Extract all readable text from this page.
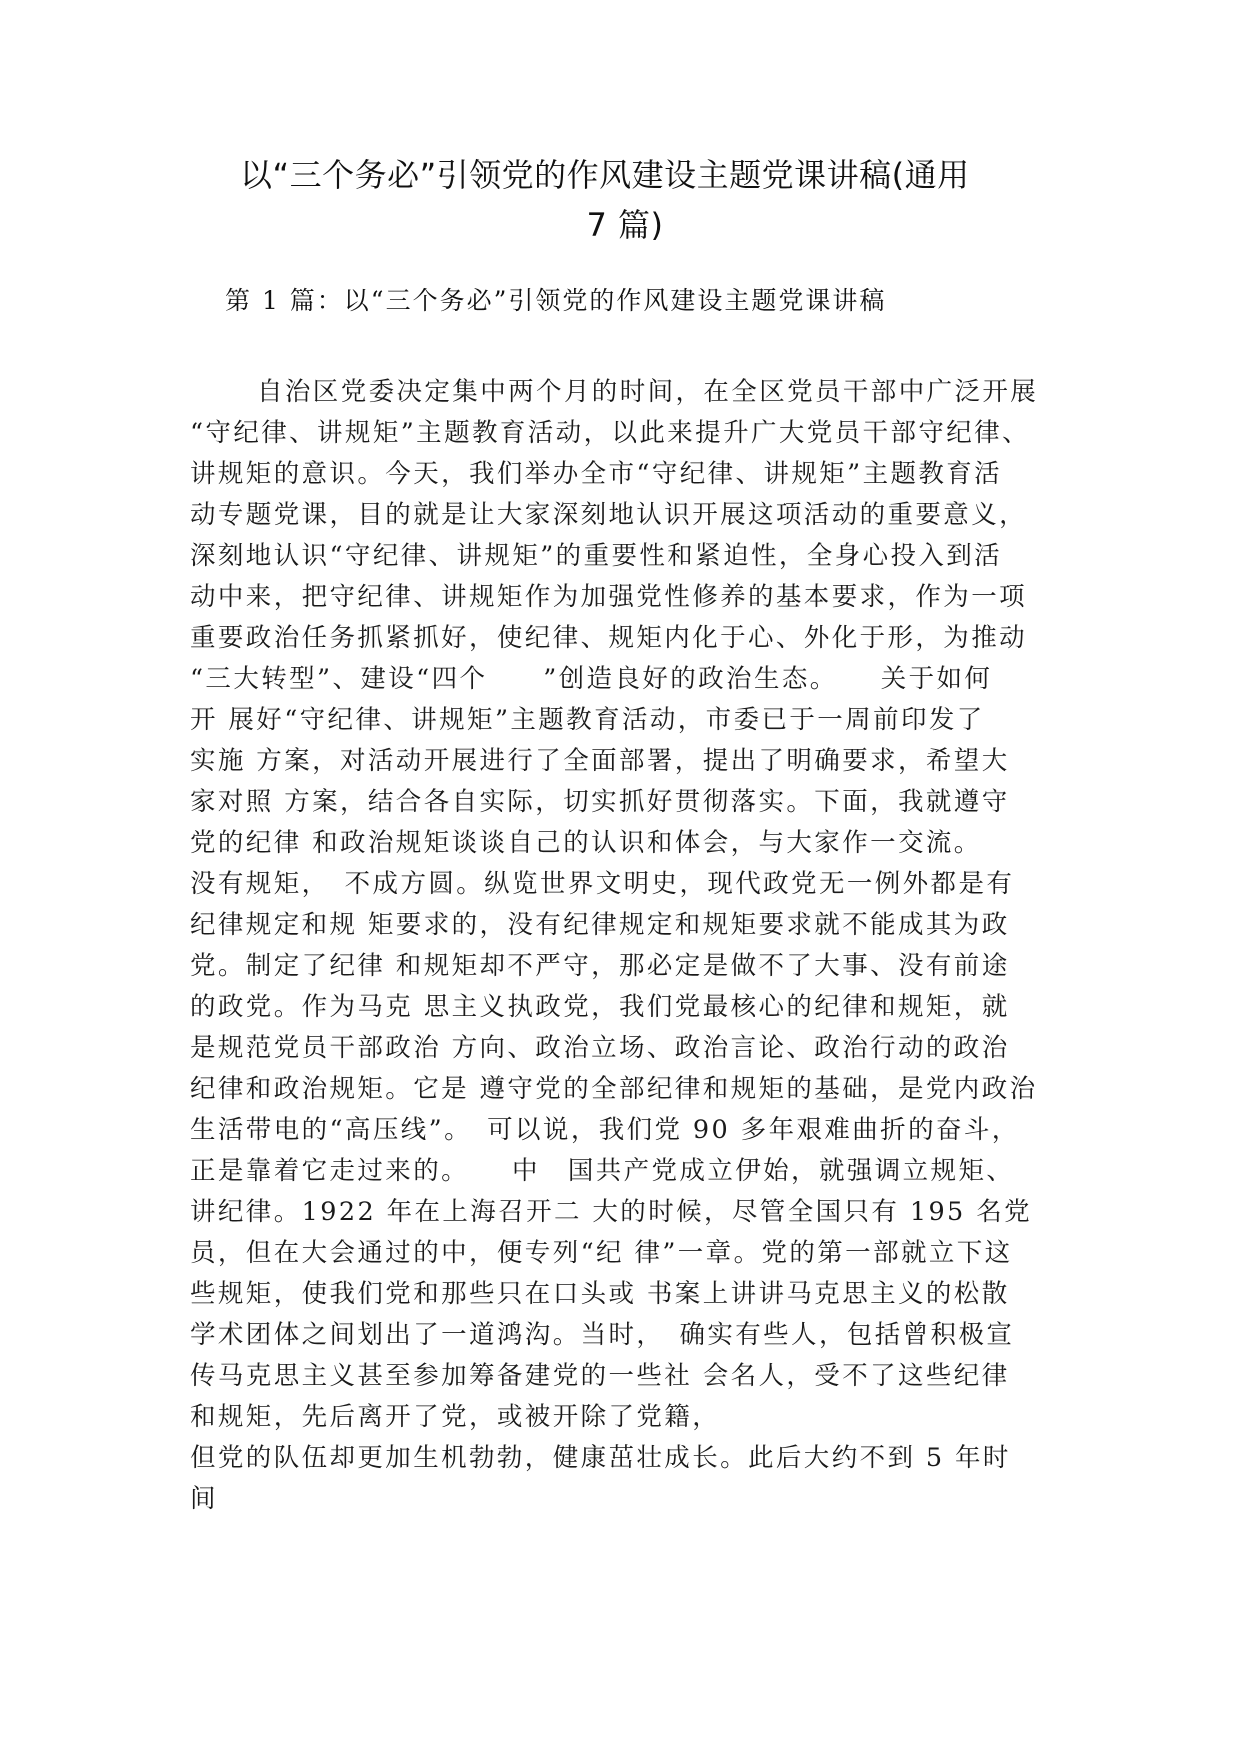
以“三个务必”引领党的作风建设主题党课讲稿(通用
7 篇)

第 1 篇：以“三个务必”引领党的作风建设主题党课讲稿

自治区党委决定集中两个月的时间，在全区党员干部中广泛开展
“守纪律、讲规矩”主题教育活动，以此来提升广大党员干部守纪律、
讲规矩的意识。今天，我们举办全市“守纪律、讲规矩”主题教育活
动专题党课，目的就是让大家深刻地认识开展这项活动的重要意义，
深刻地认识“守纪律、讲规矩”的重要性和紧迫性，全身心投入到活
动中来，把守纪律、讲规矩作为加强党性修养的基本要求，作为一项
重要政治任务抓紧抓好，使纪律、规矩内化于心、外化于形，为推动
“三大转型”、建设“四个　　”创造良好的政治生态。　　关于如何
开 展好“守纪律、讲规矩”主题教育活动，市委已于一周前印发了
实施 方案，对活动开展进行了全面部署，提出了明确要求，希望大
家对照 方案，结合各自实际，切实抓好贯彻落实。下面，我就遵守
党的纪律 和政治规矩谈谈自己的认识和体会，与大家作一交流。
没有规矩，　不成方圆。纵览世界文明史，现代政党无一例外都是有
纪律规定和规 矩要求的，没有纪律规定和规矩要求就不能成其为政
党。制定了纪律 和规矩却不严守，那必定是做不了大事、没有前途
的政党。作为马克 思主义执政党，我们党最核心的纪律和规矩，就
是规范党员干部政治 方向、政治立场、政治言论、政治行动的政治
纪律和政治规矩。它是 遵守党的全部纪律和规矩的基础，是党内政治
生活带电的“高压线”。　可以说，我们党 90 多年艰难曲折的奋斗，
正是靠着它走过来的。　　中　国共产党成立伊始，就强调立规矩、
讲纪律。1922 年在上海召开二 大的时候，尽管全国只有 195 名党
员，但在大会通过的中，便专列“纪 律”一章。党的第一部就立下这
些规矩，使我们党和那些只在口头或 书案上讲讲马克思主义的松散
学术团体之间划出了一道鸿沟。当时，　确实有些人，包括曾积极宣
传马克思主义甚至参加筹备建党的一些社 会名人，受不了这些纪律
和规矩，先后离开了党，或被开除了党籍，
但党的队伍却更加生机勃勃，健康茁壮成长。此后大约不到 5 年时
间
